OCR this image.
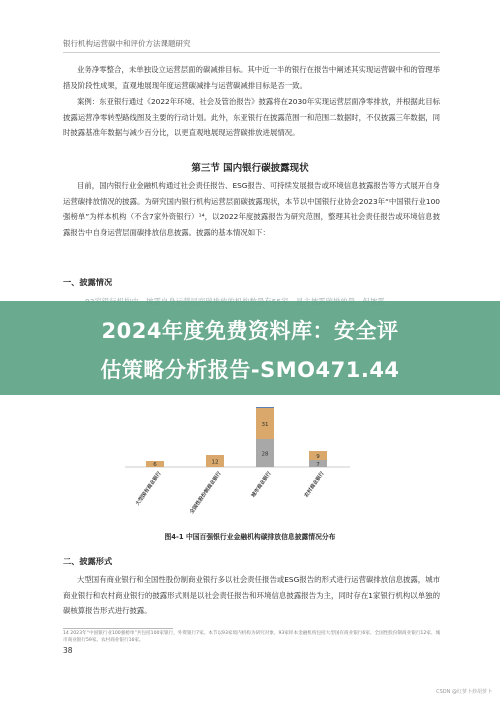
银行机构运营碳中和评价方法课题研究

业务净零整合，未单独设立运营层面的碳减排目标。其中近一半的银行在报告中阐述其实现运营碳中和的管理举措及阶段性成果，直观地展现年度运营碳减排与运营碳减排目标是否一致。

案例：东亚银行通过《2022年环境、社会及管治报告》披露将在2030年实现运营层面净零排放，并根据此目标披露运营净零转型路线图及主要的行动计划。此外，东亚银行在披露范围一和范围二数据时，不仅披露三年数据，同时披露基准年数据与减少百分比，以更直观地展现运营碳排放进展情况。

第三节 国内银行碳披露现状

目前，国内银行业金融机构通过社会责任报告、ESG报告、可持续发展报告或环境信息披露报告等方式展开自身运营碳排放情况的披露。为研究国内银行机构运营层面碳披露现状，本节以中国银行业协会2023年“中国银行业100强榜单”为样本机构（不含7家外资银行）¹⁴，以2022年度披露报告为研究范围，整理其社会责任报告或环境信息披露报告中自身运营层面碳排放信息披露。披露的基本情况如下：

一、披露情况
2024年度免费资料库：安全评
估策略分析报告-SMO471.44
6	12
28
31
7
9
大型国有商业银行	全国性股份制商业银行	城市商业银行	农村商业银行
图4-1 中国百强银行业金融机构碳排放信息披露情况分布
二、披露形式

大型国有商业银行和全国性股份制商业银行多以社会责任报告或ESG报告的形式进行运营碳排放信息披露，城市商业银行和农村商业银行的披露形式则是以社会责任报告和环境信息披露报告为主，同时存在1家银行机构以单独的碳核算报告形式进行披露。

14 2023年“中国银行业100强榜单”共包括100家银行，外资银行7家。本节以93家境内机构为研究对象，93家样本金融机构包括大型国有商业银行6家、全国性股份制商业银行12家、城市商业银行59家、农村商业银行16家。
38
CSDN @红萝卜炒胡萝卜
